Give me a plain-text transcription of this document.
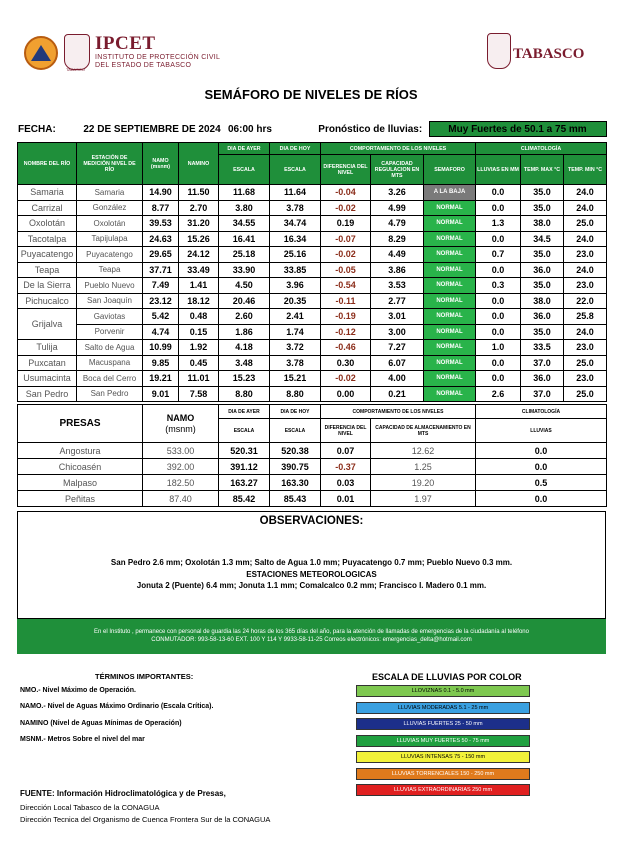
TABASCO
IPCET
INSTITUTO DE PROTECCIÓN CIVIL
DEL ESTADO DE TABASCO
TABASCO
SEMÁFORO DE NIVELES DE RÍOS
FECHA:	22 DE SEPTIEMBRE DE 2024	06:00 hrs	Pronóstico de lluvias:	Muy Fuertes de 50.1 a 75 mm
NOMBRE DEL RÍO	ESTACIÓN DE MEDICIÓN NIVEL DE RÍO	NAMO (msnm)	NAMINO	DIA DE AYER	DIA DE HOY	COMPORTAMIENTO DE LOS NIVELES			CLIMATOLOGÍA		
				ESCALA	ESCALA	DIFERENCIA DEL NIVEL	CAPACIDAD REGULACION EN MTS	SEMAFORO	LLUVIAS EN MM	TEMP. MAX °C	TEMP. MIN °C
Samaria	Samaria	14.90	11.50	11.68	11.64	-0.04	3.26	A LA BAJA	0.0	35.0	24.0
Carrizal	González	8.77	2.70	3.80	3.78	-0.02	4.99	NORMAL	0.0	35.0	24.0
Oxolotán	Oxolotán	39.53	31.20	34.55	34.74	0.19	4.79	NORMAL	1.3	38.0	25.0
Tacotalpa	Tapijulapa	24.63	15.26	16.41	16.34	-0.07	8.29	NORMAL	0.0	34.5	24.0
Puyacatengo	Puyacatengo	29.65	24.12	25.18	25.16	-0.02	4.49	NORMAL	0.7	35.0	23.0
Teapa	Teapa	37.71	33.49	33.90	33.85	-0.05	3.86	NORMAL	0.0	36.0	24.0
De la Sierra	Pueblo Nuevo	7.49	1.41	4.50	3.96	-0.54	3.53	NORMAL	0.3	35.0	23.0
Pichucalco	San Joaquín	23.12	18.12	20.46	20.35	-0.11	2.77	NORMAL	0.0	38.0	22.0
Grijalva	Gaviotas	5.42	0.48	2.60	2.41	-0.19	3.01	NORMAL	0.0	36.0	25.8
	Porvenir	4.74	0.15	1.86	1.74	-0.12	3.00	NORMAL	0.0	35.0	24.0
Tulija	Salto de Agua	10.99	1.92	4.18	3.72	-0.46	7.27	NORMAL	1.0	33.5	23.0
Puxcatan	Macuspana	9.85	0.45	3.48	3.78	0.30	6.07	NORMAL	0.0	37.0	25.0
Usumacinta	Boca del Cerro	19.21	11.01	15.23	15.21	-0.02	4.00	NORMAL	0.0	36.0	23.0
San Pedro	San Pedro	9.01	7.58	8.80	8.80	0.00	0.21	NORMAL	2.6	37.0	25.0
PRESAS	NAMO
(msnm)	DIA DE AYER	DIA DE HOY	COMPORTAMIENTO DE LOS NIVELES		CLIMATOLOGÍA
		ESCALA	ESCALA	DIFERENCIA DEL NIVEL	CAPACIDAD DE ALMACENAMIENTO EN MTS	LLUVIAS
Angostura	533.00	520.31	520.38	0.07	12.62	0.0
Chicoasén	392.00	391.12	390.75	-0.37	1.25	0.0
Malpaso	182.50	163.27	163.30	0.03	19.20	0.5
Peñitas	87.40	85.42	85.43	0.01	1.97	0.0
OBSERVACIONES:
San Pedro 2.6 mm; Oxolotán 1.3 mm; Salto de Agua 1.0 mm; Puyacatengo 0.7 mm; Pueblo Nuevo 0.3 mm.
ESTACIONES METEOROLOGICAS
Jonuta 2 (Puente) 6.4 mm; Jonuta 1.1 mm; Comalcalco 0.2 mm; Francisco I. Madero 0.1 mm.
En el Instituto , permanece con personal de guardia las 24 horas de los 365 días del año, para la atención de llamadas de emergencias de la ciudadanía al teléfono
CONMUTADOR: 993-58-13-60 EXT. 100 Y 114 Y 9933-58-11-25 Correos electrónicos: emergencias_delta@hotmail.com
TÉRMINOS IMPORTANTES:
NMO.- Nivel Máximo de Operación.
NAMO.- Nivel de Aguas Máximo Ordinario (Escala Crítica).
NAMINO (Nivel de Aguas Mínimas de Operación)
MSNM.- Metros Sobre el nivel del mar
ESCALA DE LLUVIAS POR COLOR
LLOVIZNAS 0.1 - 5.0 mm
LLUVIAS MODERADAS 5.1 - 25 mm
LLUVIAS FUERTES 25 - 50 mm
LLUVIAS MUY FUERTES 50 - 75 mm
LLUVIAS INTENSAS 75 - 150 mm
LLUVIAS TORRENCIALES 150 - 250 mm
LLUVIAS EXTRAORDINARIAS 250 mm
FUENTE: Información Hidroclimatológica y de Presas,
Dirección Local Tabasco de la CONAGUA
Dirección Tecnica del Organismo de Cuenca Frontera Sur de la CONAGUA
